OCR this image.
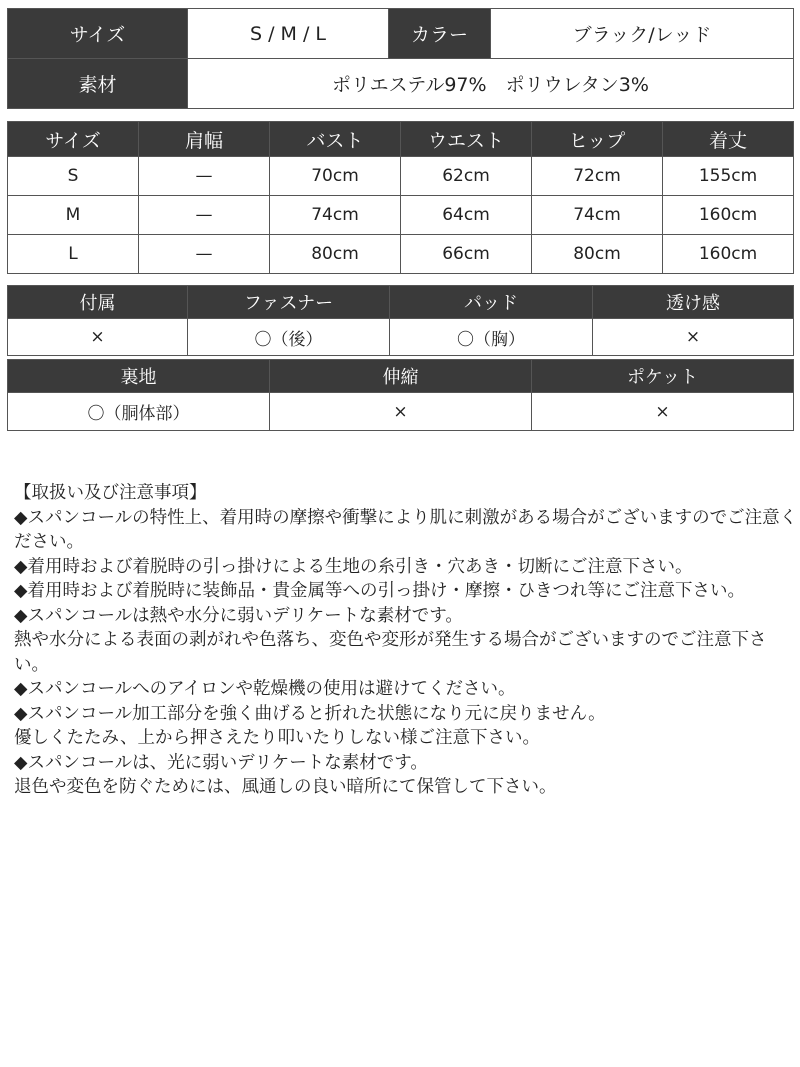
サイズ	S / M / L	カラー	ブラック/レッド
素材	ポリエステル97%　ポリウレタン3%		
サイズ	肩幅	バスト	ウエスト	ヒップ	着丈
S	—	70cm	62cm	72cm	155cm
M	—	74cm	64cm	74cm	160cm
L	—	80cm	66cm	80cm	160cm
付属	ファスナー	パッド	透け感
×	〇（後）	〇（胸）	×
裏地	伸縮	ポケット
〇（胴体部）	×	×

【取扱い及び注意事項】

◆スパンコールの特性上、着用時の摩擦や衝撃により肌に刺激がある場合がございますのでご注意ください。

◆着用時および着脱時の引っ掛けによる生地の糸引き・穴あき・切断にご注意下さい。

◆着用時および着脱時に装飾品・貴金属等への引っ掛け・摩擦・ひきつれ等にご注意下さい。

◆スパンコールは熱や水分に弱いデリケートな素材です。

熱や水分による表面の剥がれや色落ち、変色や変形が発生する場合がございますのでご注意下さい。

◆スパンコールへのアイロンや乾燥機の使用は避けてください。

◆スパンコール加工部分を強く曲げると折れた状態になり元に戻りません。

優しくたたみ、上から押さえたり叩いたりしない様ご注意下さい。

◆スパンコールは、光に弱いデリケートな素材です。

退色や変色を防ぐためには、風通しの良い暗所にて保管して下さい。
